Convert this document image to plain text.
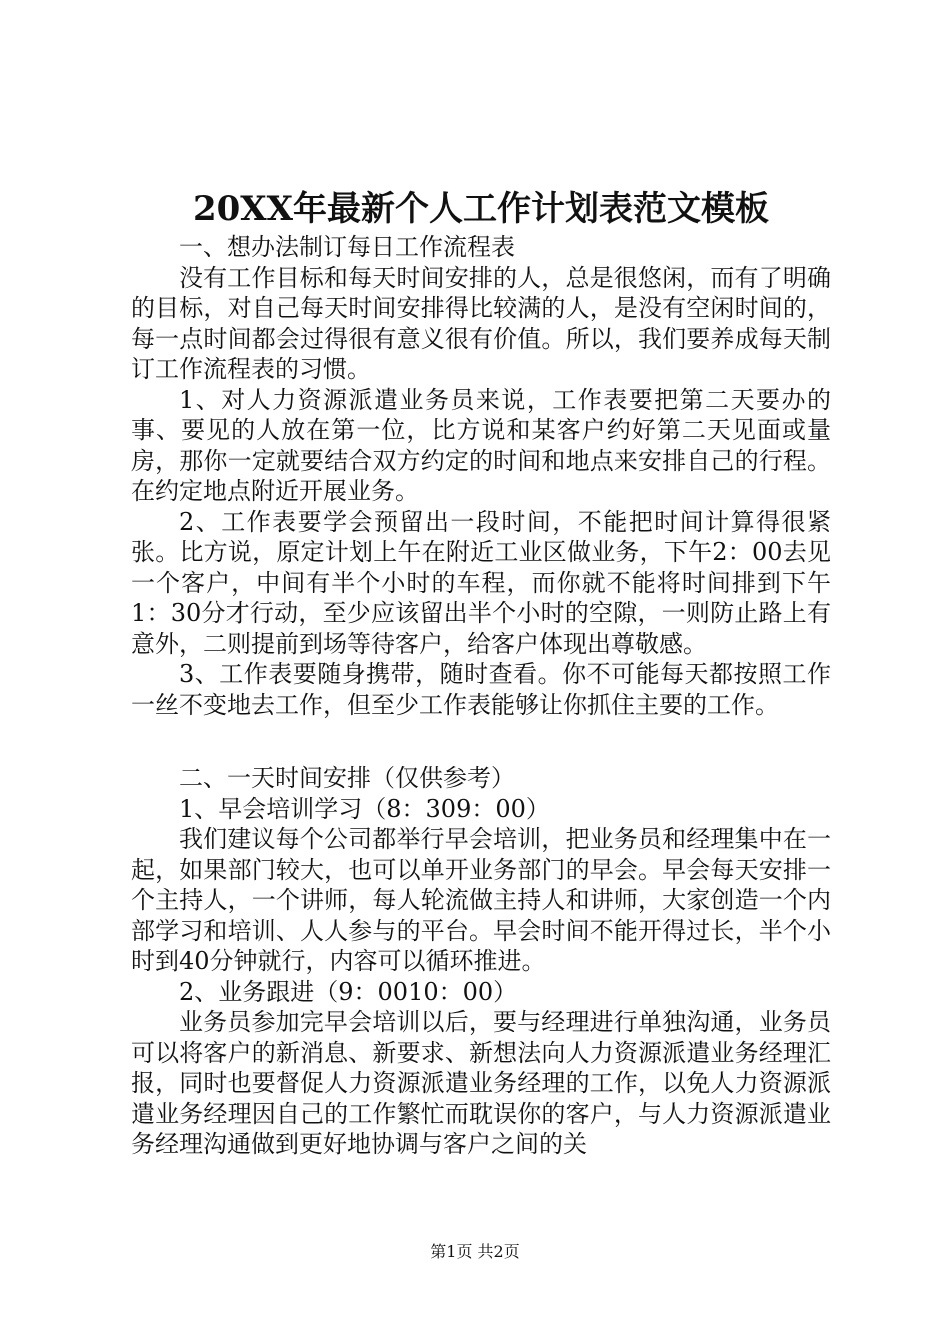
20XX年最新个人工作计划表范文模板

一、想办法制订每日工作流程表

没有工作目标和每天时间安排的人，总是很悠闲，而有了明确的目标，对自己每天时间安排得比较满的人，是没有空闲时间的，每一点时间都会过得很有意义很有价值。所以，我们要养成每天制订工作流程表的习惯。

1、对人力资源派遣业务员来说，工作表要把第二天要办的事、要见的人放在第一位，比方说和某客户约好第二天见面或量房，那你一定就要结合双方约定的时间和地点来安排自己的行程。在约定地点附近开展业务。

2、工作表要学会预留出一段时间，不能把时间计算得很紧张。比方说，原定计划上午在附近工业区做业务，下午2：00去见一个客户，中间有半个小时的车程，而你就不能将时间排到下午1：30分才行动，至少应该留出半个小时的空隙，一则防止路上有意外，二则提前到场等待客户，给客户体现出尊敬感。

3、工作表要随身携带，随时查看。你不可能每天都按照工作一丝不变地去工作，但至少工作表能够让你抓住主要的工作。

二、一天时间安排（仅供参考）

1、早会培训学习（8：309：00）

我们建议每个公司都举行早会培训，把业务员和经理集中在一起，如果部门较大，也可以单开业务部门的早会。早会每天安排一个主持人，一个讲师，每人轮流做主持人和讲师，大家创造一个内部学习和培训、人人参与的平台。早会时间不能开得过长，半个小时到40分钟就行，内容可以循环推进。

2、业务跟进（9：0010：00）

业务员参加完早会培训以后，要与经理进行单独沟通，业务员可以将客户的新消息、新要求、新想法向人力资源派遣业务经理汇报，同时也要督促人力资源派遣业务经理的工作，以免人力资源派遣业务经理因自己的工作繁忙而耽误你的客户，与人力资源派遣业务经理沟通做到更好地协调与客户之间的关

第1页 共2页
